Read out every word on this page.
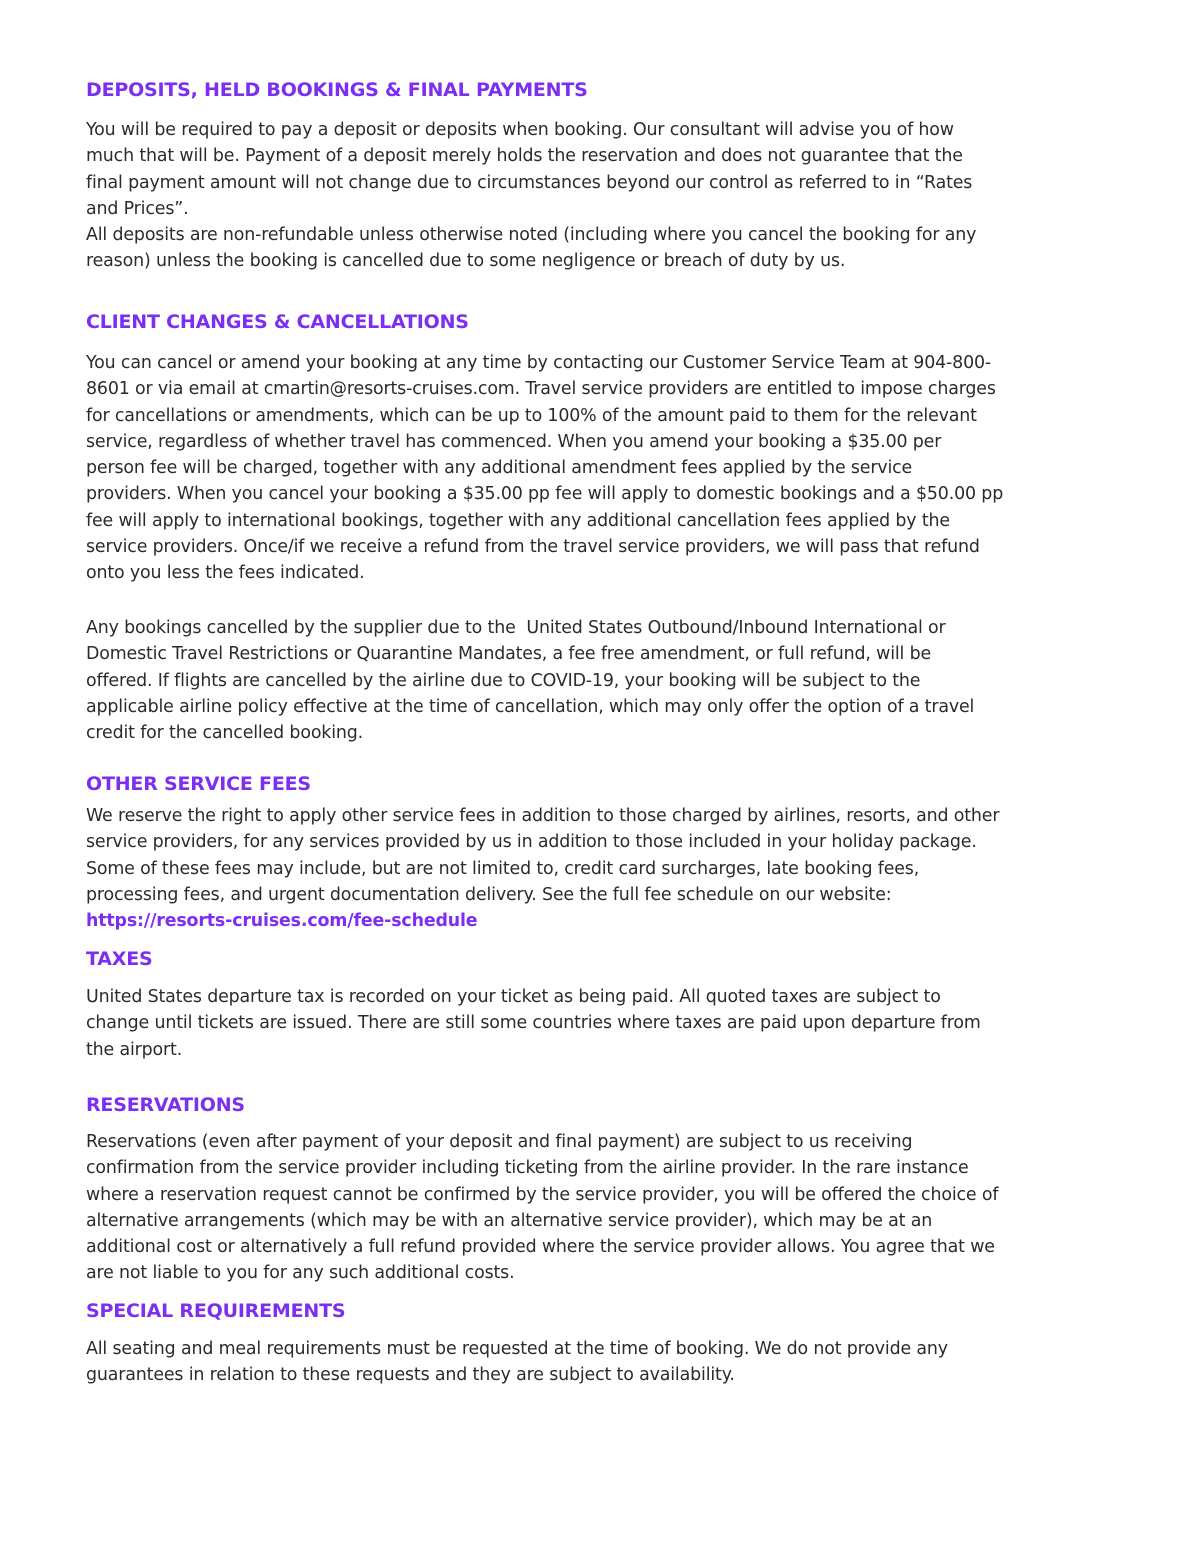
DEPOSITS, HELD BOOKINGS & FINAL PAYMENTS

You will be required to pay a deposit or deposits when booking. Our consultant will advise you of how
much that will be. Payment of a deposit merely holds the reservation and does not guarantee that the
final payment amount will not change due to circumstances beyond our control as referred to in “Rates
and Prices”.
All deposits are non-refundable unless otherwise noted (including where you cancel the booking for any
reason) unless the booking is cancelled due to some negligence or breach of duty by us.

CLIENT CHANGES & CANCELLATIONS

You can cancel or amend your booking at any time by contacting our Customer Service Team at 904-800-
8601 or via email at cmartin@resorts-cruises.com. Travel service providers are entitled to impose charges
for cancellations or amendments, which can be up to 100% of the amount paid to them for the relevant
service, regardless of whether travel has commenced. When you amend your booking a $35.00 per
person fee will be charged, together with any additional amendment fees applied by the service
providers. When you cancel your booking a $35.00 pp fee will apply to domestic bookings and a $50.00 pp
fee will apply to international bookings, together with any additional cancellation fees applied by the
service providers. Once/if we receive a refund from the travel service providers, we will pass that refund
onto you less the fees indicated.

Any bookings cancelled by the supplier due to the  United States Outbound/Inbound International or
Domestic Travel Restrictions or Quarantine Mandates, a fee free amendment, or full refund, will be
offered. If flights are cancelled by the airline due to COVID-19, your booking will be subject to the
applicable airline policy effective at the time of cancellation, which may only offer the option of a travel
credit for the cancelled booking.

OTHER SERVICE FEES

We reserve the right to apply other service fees in addition to those charged by airlines, resorts, and other
service providers, for any services provided by us in addition to those included in your holiday package.
Some of these fees may include, but are not limited to, credit card surcharges, late booking fees,
processing fees, and urgent documentation delivery. See the full fee schedule on our website:
https://resorts-cruises.com/fee-schedule

TAXES

United States departure tax is recorded on your ticket as being paid. All quoted taxes are subject to
change until tickets are issued. There are still some countries where taxes are paid upon departure from
the airport.

RESERVATIONS

Reservations (even after payment of your deposit and final payment) are subject to us receiving
confirmation from the service provider including ticketing from the airline provider. In the rare instance
where a reservation request cannot be confirmed by the service provider, you will be offered the choice of
alternative arrangements (which may be with an alternative service provider), which may be at an
additional cost or alternatively a full refund provided where the service provider allows. You agree that we
are not liable to you for any such additional costs.

SPECIAL REQUIREMENTS

All seating and meal requirements must be requested at the time of booking. We do not provide any
guarantees in relation to these requests and they are subject to availability.
